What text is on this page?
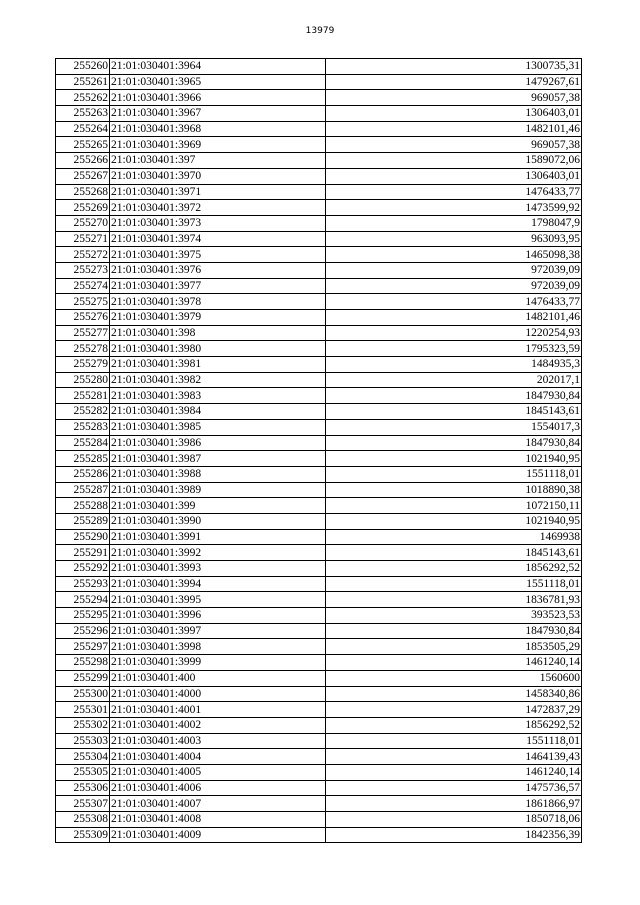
13979
255260	21:01:030401:3964	1300735,31
255261	21:01:030401:3965	1479267,61
255262	21:01:030401:3966	969057,38
255263	21:01:030401:3967	1306403,01
255264	21:01:030401:3968	1482101,46
255265	21:01:030401:3969	969057,38
255266	21:01:030401:397	1589072,06
255267	21:01:030401:3970	1306403,01
255268	21:01:030401:3971	1476433,77
255269	21:01:030401:3972	1473599,92
255270	21:01:030401:3973	1798047,9
255271	21:01:030401:3974	963093,95
255272	21:01:030401:3975	1465098,38
255273	21:01:030401:3976	972039,09
255274	21:01:030401:3977	972039,09
255275	21:01:030401:3978	1476433,77
255276	21:01:030401:3979	1482101,46
255277	21:01:030401:398	1220254,93
255278	21:01:030401:3980	1795323,59
255279	21:01:030401:3981	1484935,3
255280	21:01:030401:3982	202017,1
255281	21:01:030401:3983	1847930,84
255282	21:01:030401:3984	1845143,61
255283	21:01:030401:3985	1554017,3
255284	21:01:030401:3986	1847930,84
255285	21:01:030401:3987	1021940,95
255286	21:01:030401:3988	1551118,01
255287	21:01:030401:3989	1018890,38
255288	21:01:030401:399	1072150,11
255289	21:01:030401:3990	1021940,95
255290	21:01:030401:3991	1469938
255291	21:01:030401:3992	1845143,61
255292	21:01:030401:3993	1856292,52
255293	21:01:030401:3994	1551118,01
255294	21:01:030401:3995	1836781,93
255295	21:01:030401:3996	393523,53
255296	21:01:030401:3997	1847930,84
255297	21:01:030401:3998	1853505,29
255298	21:01:030401:3999	1461240,14
255299	21:01:030401:400	1560600
255300	21:01:030401:4000	1458340,86
255301	21:01:030401:4001	1472837,29
255302	21:01:030401:4002	1856292,52
255303	21:01:030401:4003	1551118,01
255304	21:01:030401:4004	1464139,43
255305	21:01:030401:4005	1461240,14
255306	21:01:030401:4006	1475736,57
255307	21:01:030401:4007	1861866,97
255308	21:01:030401:4008	1850718,06
255309	21:01:030401:4009	1842356,39
